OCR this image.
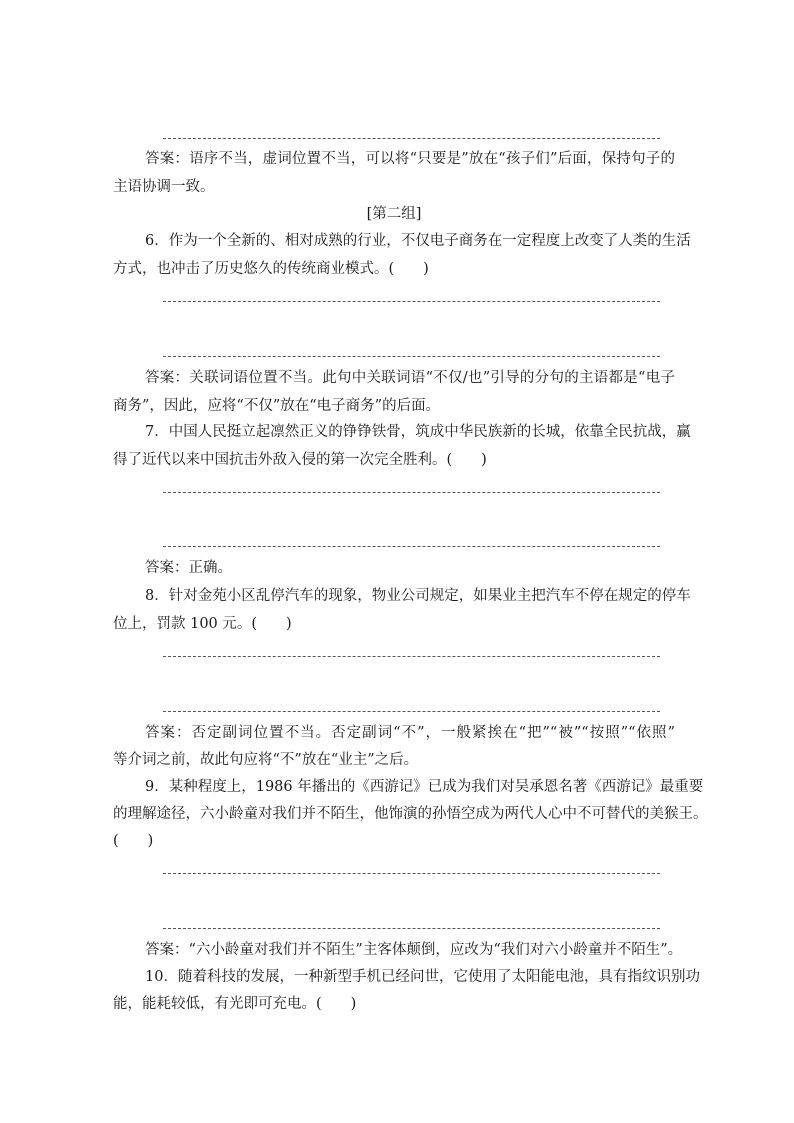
答案：语序不当，虚词位置不当，可以将“只要是”放在“孩子们”后面，保持句子的
主语协调一致。
[第二组]
6．作为一个全新的、相对成熟的行业，不仅电子商务在一定程度上改变了人类的生活
方式，也冲击了历史悠久的传统商业模式。(　　)
答案：关联词语位置不当。此句中关联词语“不仅/也”引导的分句的主语都是“电子
商务”，因此，应将“不仅”放在“电子商务”的后面。
7．中国人民挺立起凛然正义的铮铮铁骨，筑成中华民族新的长城，依靠全民抗战，赢
得了近代以来中国抗击外敌入侵的第一次完全胜利。(　　)
答案：正确。
8．针对金苑小区乱停汽车的现象，物业公司规定，如果业主把汽车不停在规定的停车
位上，罚款 100 元。(　　)
答案：否定副词位置不当。否定副词“不”，一般紧挨在“把”“被”“按照”“依照”
等介词之前，故此句应将“不”放在“业主”之后。
9．某种程度上，1986 年播出的《西游记》已成为我们对吴承恩名著《西游记》最重要
的理解途径，六小龄童对我们并不陌生，他饰演的孙悟空成为两代人心中不可替代的美猴王。
(　　)
答案：“六小龄童对我们并不陌生”主客体颠倒，应改为“我们对六小龄童并不陌生”。
10．随着科技的发展，一种新型手机已经问世，它使用了太阳能电池，具有指纹识别功
能，能耗较低，有光即可充电。(　　)
